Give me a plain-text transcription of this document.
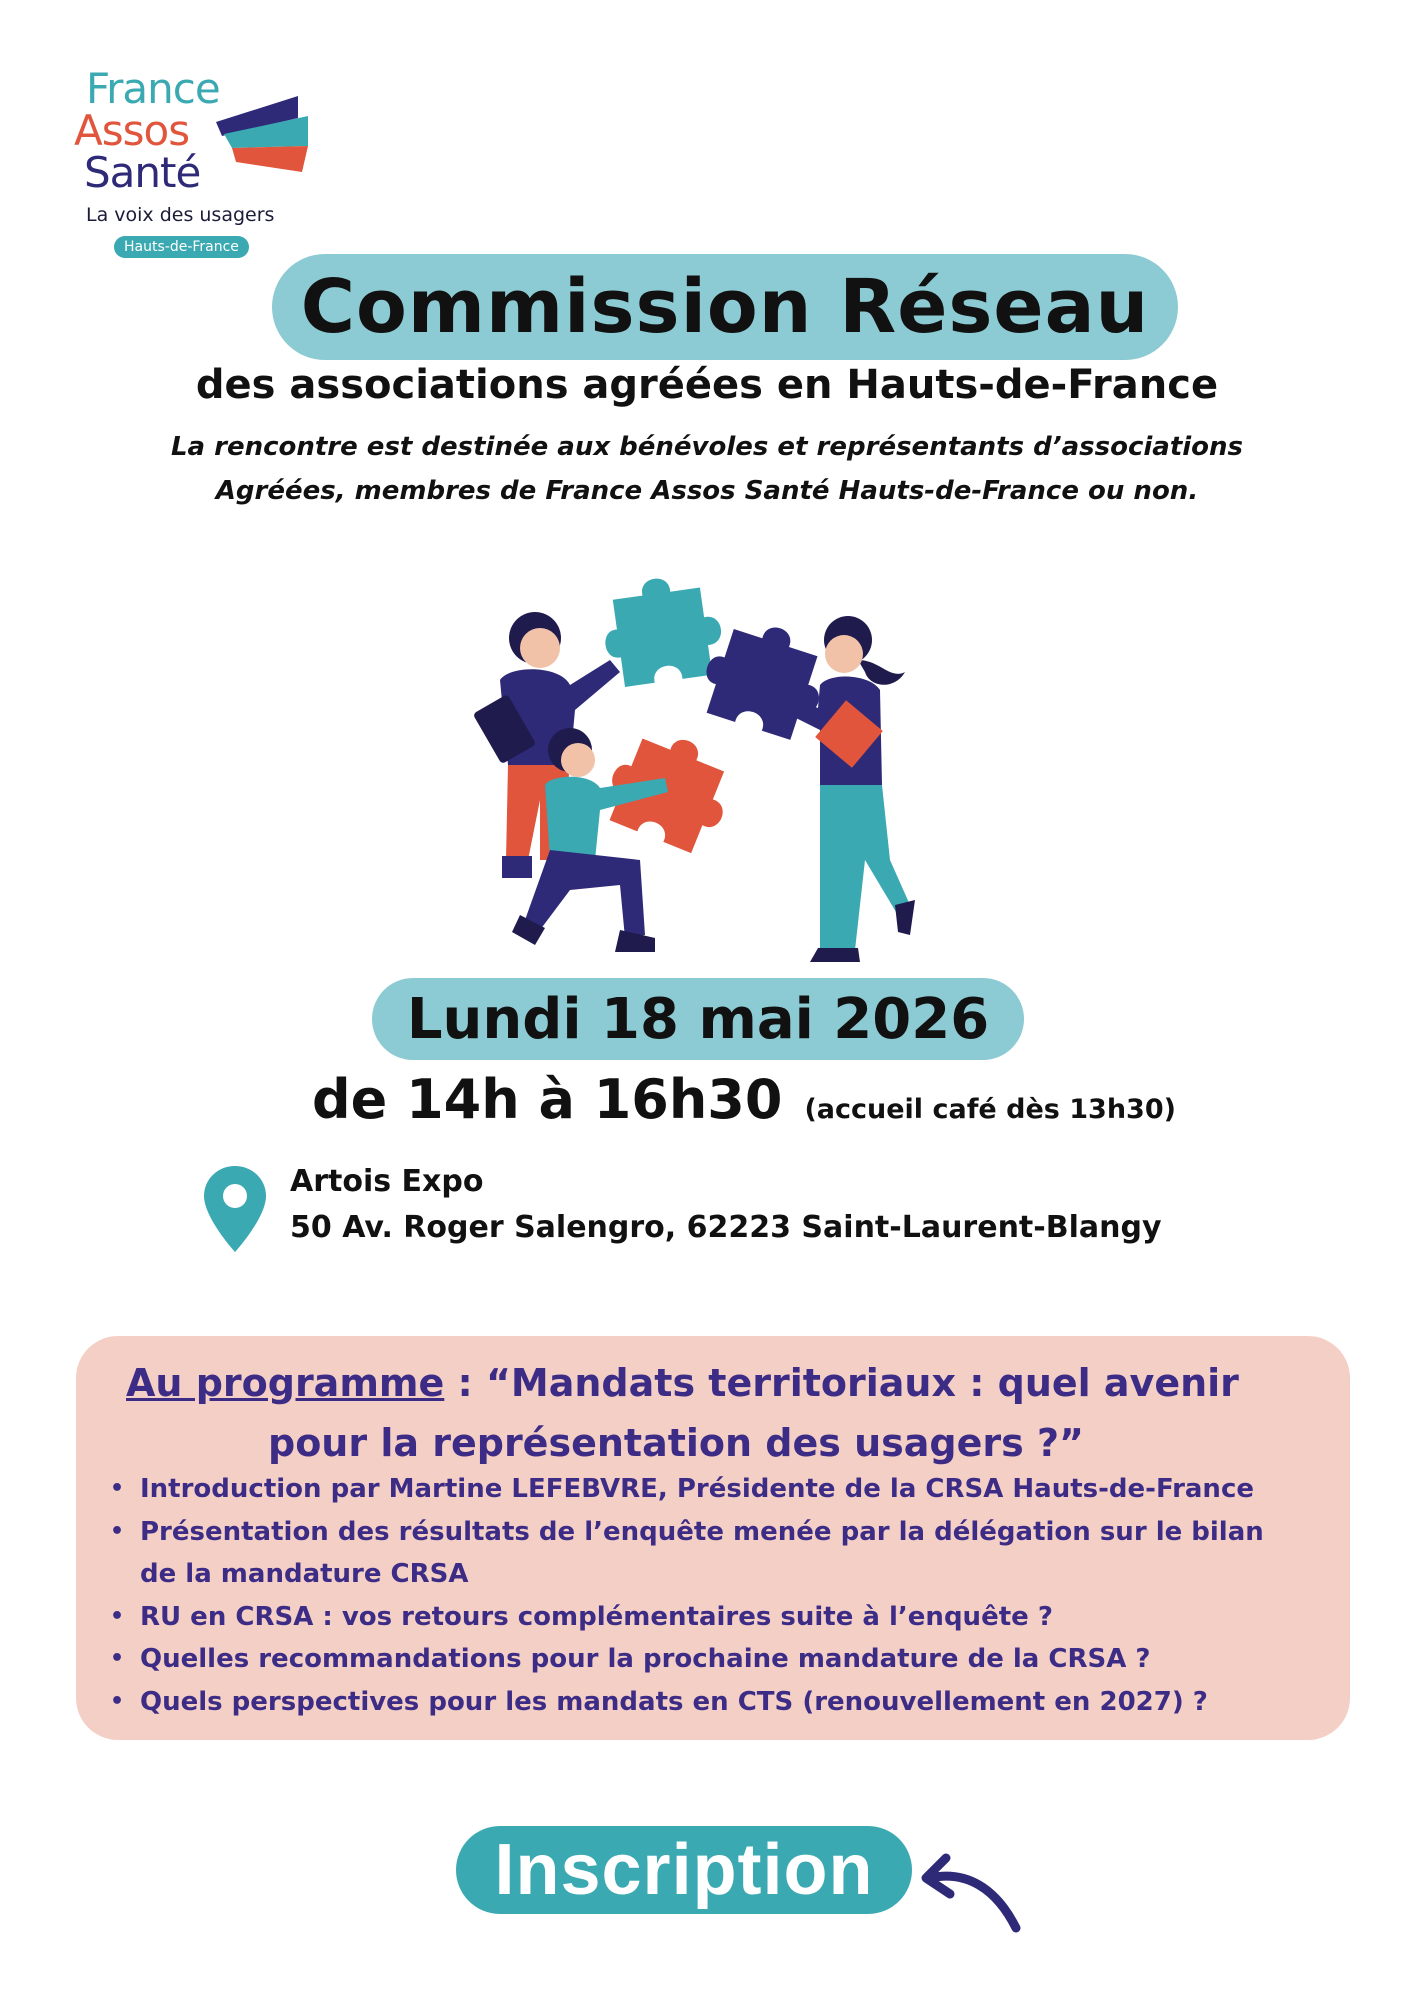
France
Assos
Santé
La voix des usagers
Hauts-de-France
Commission Réseau
des associations agréées en Hauts-de-France
La rencontre est destinée aux bénévoles et représentants d’associations
Agréées, membres de France Assos Santé Hauts-de-France ou non.
Lundi 18 mai 2026
de 14h à 16h30 (accueil café dès 13h30)
Artois Expo
50 Av. Roger Salengro, 62223 Saint-Laurent-Blangy
Au programme : “Mandats territoriaux : quel avenir
pour la représentation des usagers ?”
• Introduction par Martine LEFEBVRE, Présidente de la CRSA Hauts-de-France
• Présentation des résultats de l’enquête menée par la délégation sur le bilan
de la mandature CRSA
• RU en CRSA : vos retours complémentaires suite à l’enquête ?
• Quelles recommandations pour la prochaine mandature de la CRSA ?
• Quels perspectives pour les mandats en CTS (renouvellement en 2027) ?
Inscription
